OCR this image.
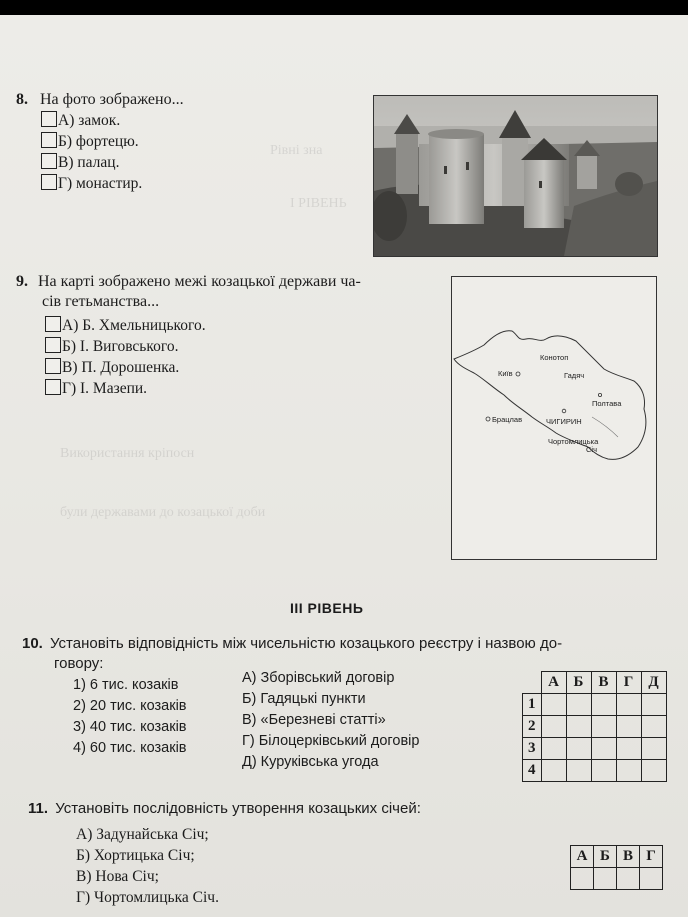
Рівні зна
І РІВЕНЬ
Використання кріпосн
були державами до козацької доби
8. На фото зображено...
А) замок.
Б) фортецю.
В) палац.
Г) монастир.
9. На карті зображено межі козацької держави ча-
сів гетьманства...
А) Б. Хмельницького.
Б) І. Виговського.
В) П. Дорошенка.
Г) І. Мазепи.
Конотоп
Київ	Гадяч
Полтава
Брацлав	ЧИГИРИН
Чортомлицька
Січ
III РІВЕНЬ
10. Установіть відповідність між чисельністю козацького реєстру і назвою до-
говору:
1) 6 тис. козаків
2) 20 тис. козаків
3) 40 тис. козаків
4) 60 тис. козаків
А) Зборівський договір
Б) Гадяцькі пункти
В) «Березневі статті»
Г) Білоцерківський договір
Д) Куруківська угода
	А	Б	В	Г	Д
1					
2					
3					
4					
11. Установіть послідовність утворення козацьких січей:
А) Задунайська Січ;
Б) Хортицька Січ;
В) Нова Січ;
Г) Чортомлицька Січ.
А	Б	В	Г
